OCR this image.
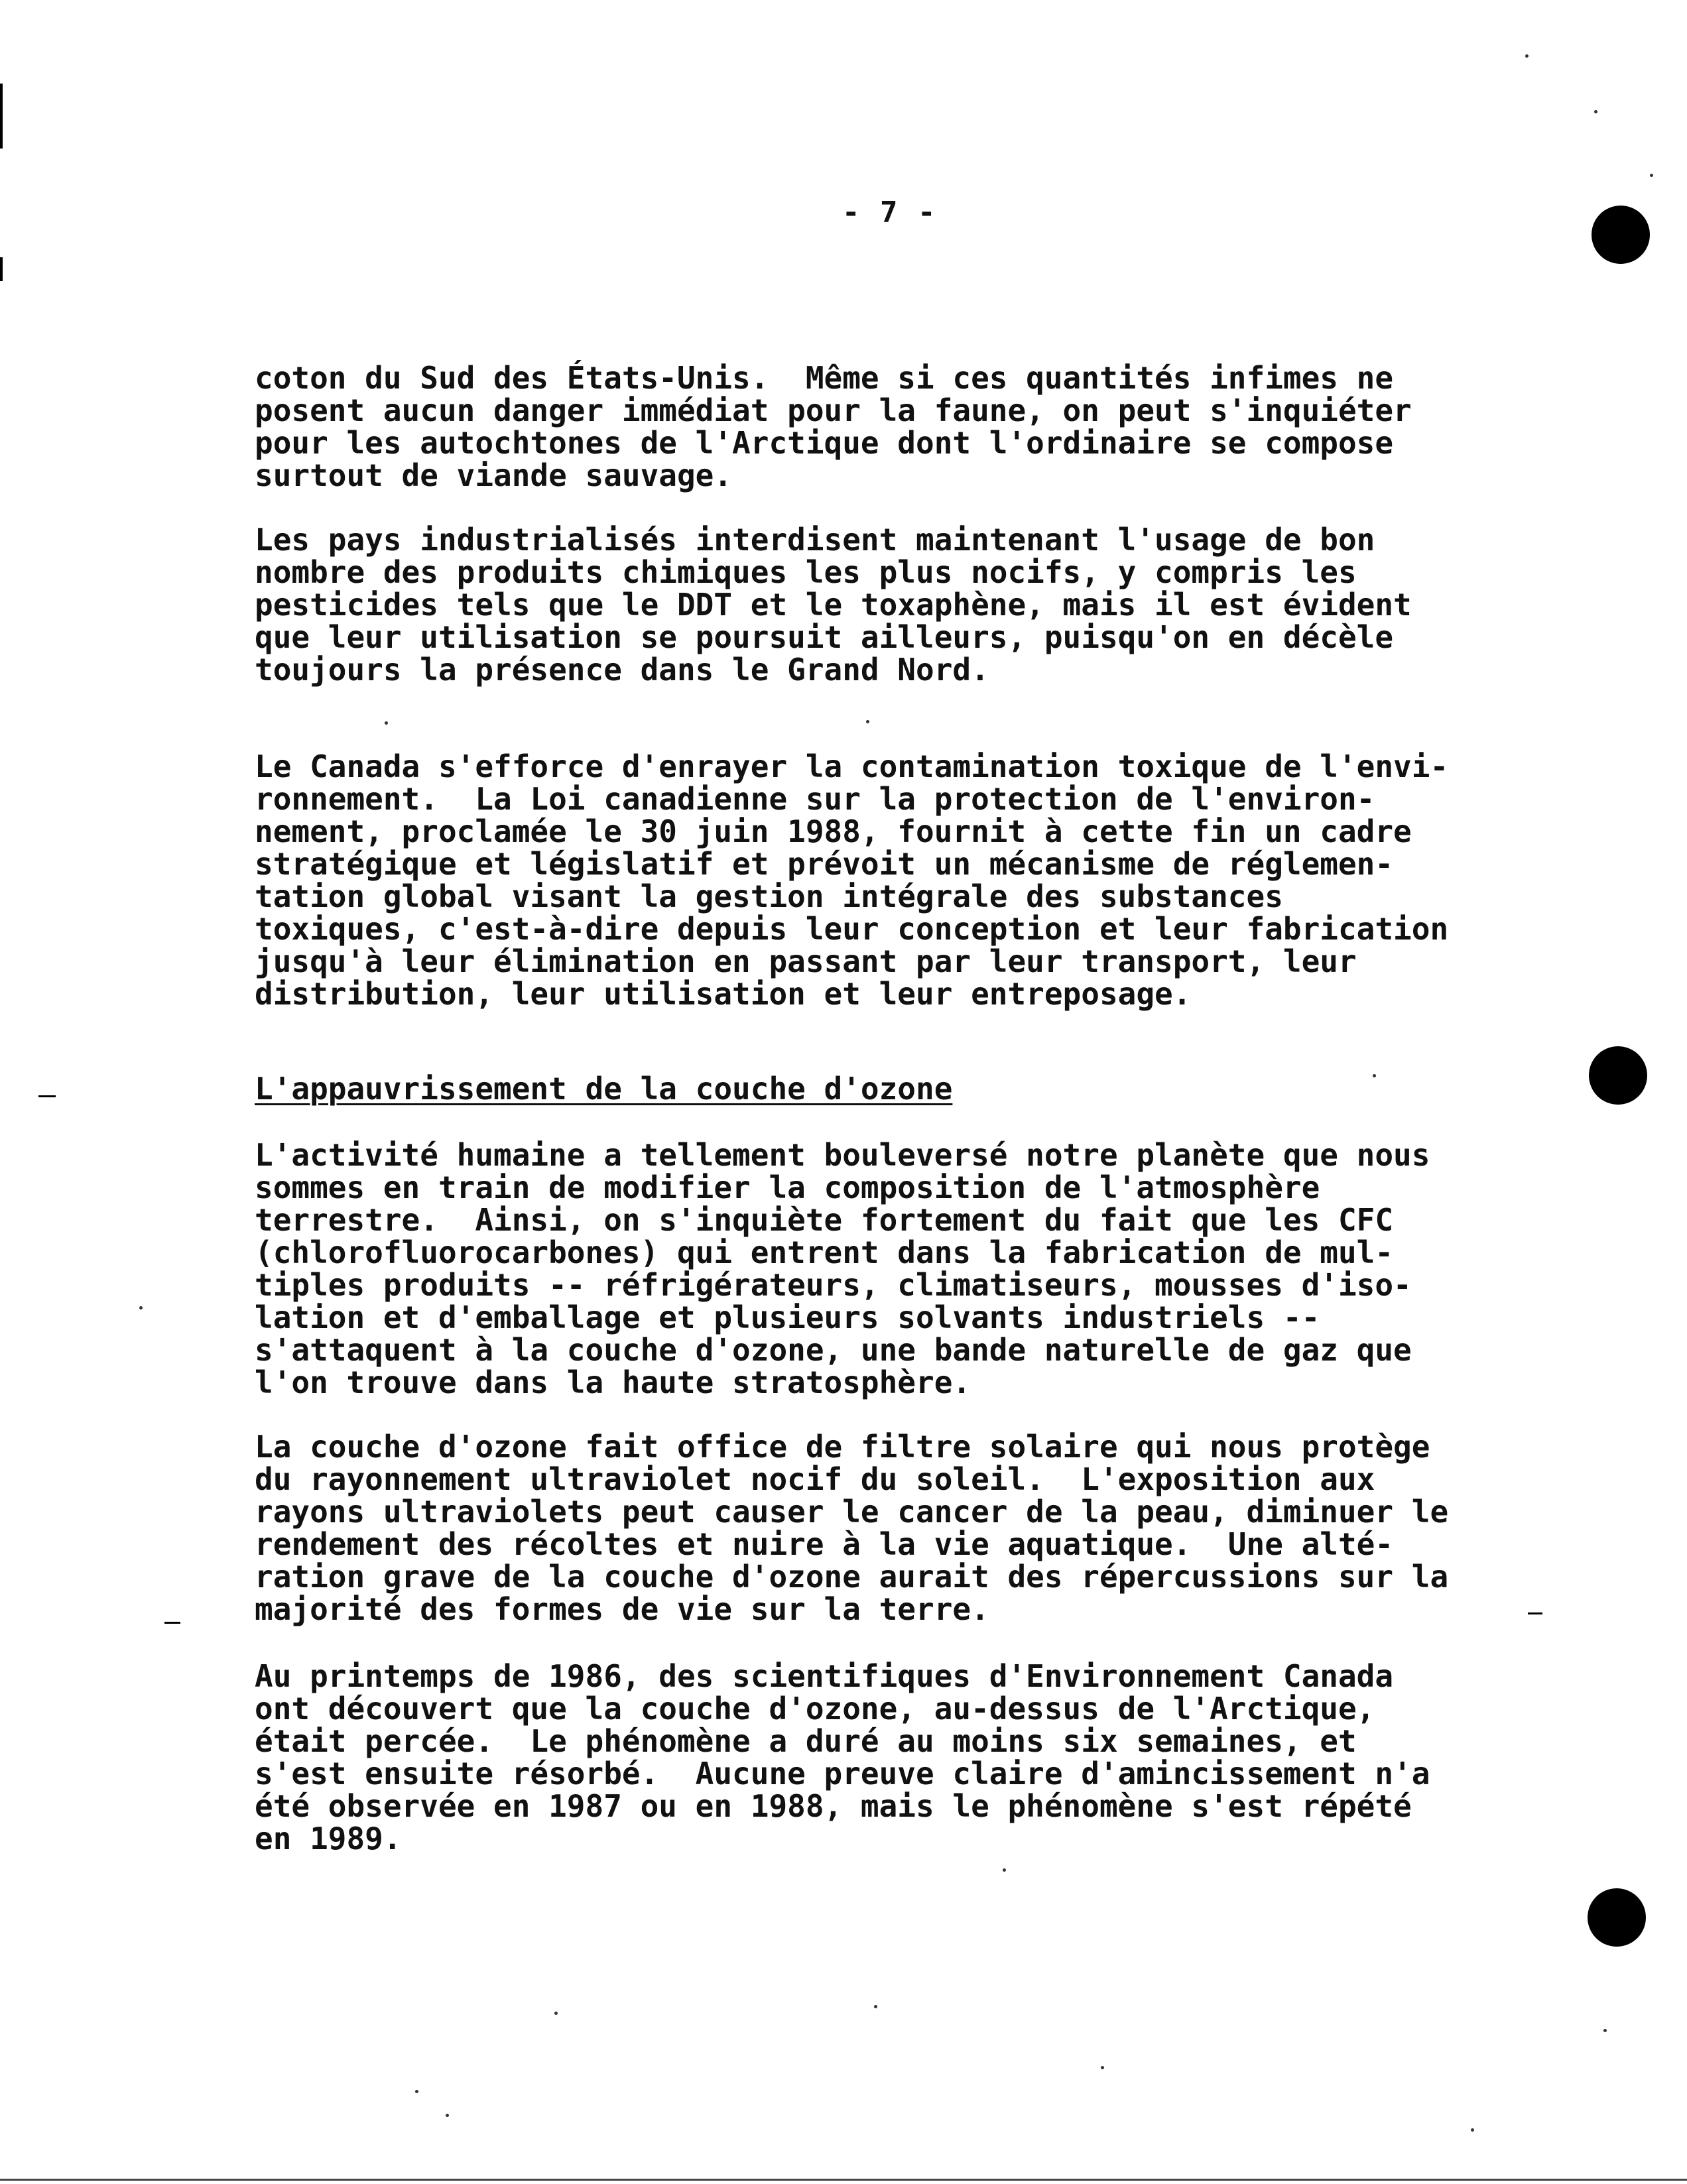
- 7 -
coton du Sud des États-Unis.  Même si ces quantités infimes ne
posent aucun danger immédiat pour la faune, on peut s'inquiéter
pour les autochtones de l'Arctique dont l'ordinaire se compose
surtout de viande sauvage.
Les pays industrialisés interdisent maintenant l'usage de bon
nombre des produits chimiques les plus nocifs, y compris les
pesticides tels que le DDT et le toxaphène, mais il est évident
que leur utilisation se poursuit ailleurs, puisqu'on en décèle
toujours la présence dans le Grand Nord.
Le Canada s'efforce d'enrayer la contamination toxique de l'envi-
ronnement.  La Loi canadienne sur la protection de l'environ-
nement, proclamée le 30 juin 1988, fournit à cette fin un cadre
stratégique et législatif et prévoit un mécanisme de réglemen-
tation global visant la gestion intégrale des substances
toxiques, c'est-à-dire depuis leur conception et leur fabrication
jusqu'à leur élimination en passant par leur transport, leur
distribution, leur utilisation et leur entreposage.
L'appauvrissement de la couche d'ozone
L'activité humaine a tellement bouleversé notre planète que nous
sommes en train de modifier la composition de l'atmosphère
terrestre.  Ainsi, on s'inquiète fortement du fait que les CFC
(chlorofluorocarbones) qui entrent dans la fabrication de mul-
tiples produits -- réfrigérateurs, climatiseurs, mousses d'iso-
lation et d'emballage et plusieurs solvants industriels --
s'attaquent à la couche d'ozone, une bande naturelle de gaz que
l'on trouve dans la haute stratosphère.
La couche d'ozone fait office de filtre solaire qui nous protège
du rayonnement ultraviolet nocif du soleil.  L'exposition aux
rayons ultraviolets peut causer le cancer de la peau, diminuer le
rendement des récoltes et nuire à la vie aquatique.  Une alté-
ration grave de la couche d'ozone aurait des répercussions sur la
majorité des formes de vie sur la terre.
Au printemps de 1986, des scientifiques d'Environnement Canada
ont découvert que la couche d'ozone, au-dessus de l'Arctique,
était percée.  Le phénomène a duré au moins six semaines, et
s'est ensuite résorbé.  Aucune preuve claire d'amincissement n'a
été observée en 1987 ou en 1988, mais le phénomène s'est répété
en 1989.
